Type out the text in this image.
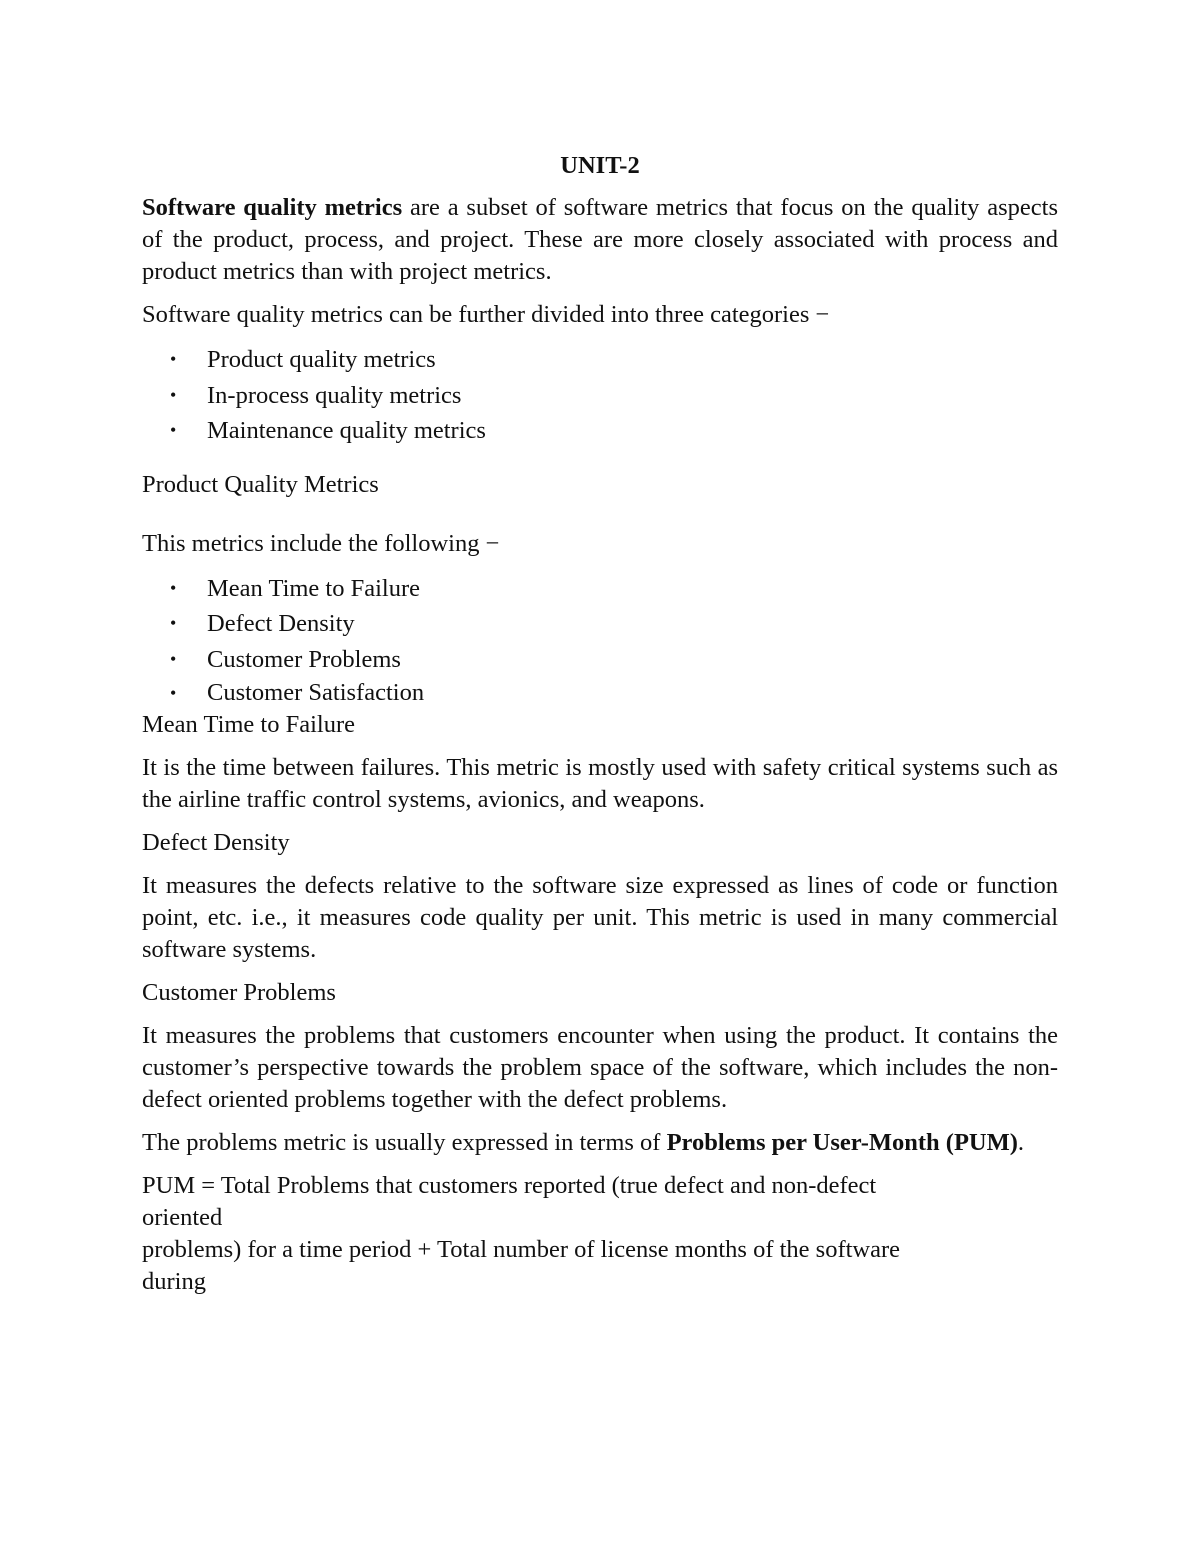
UNIT-2

Software quality metrics are a subset of software metrics that focus on the quality aspects of the product, process, and project. These are more closely associated with process and product metrics than with project metrics.

Software quality metrics can be further divided into three categories −

• Product quality metrics
• In-process quality metrics
• Maintenance quality metrics

Product Quality Metrics

This metrics include the following −

• Mean Time to Failure
• Defect Density
• Customer Problems
• Customer Satisfaction

Mean Time to Failure

It is the time between failures. This metric is mostly used with safety critical systems such as the airline traffic control systems, avionics, and weapons.

Defect Density

It measures the defects relative to the software size expressed as lines of code or function point, etc. i.e., it measures code quality per unit. This metric is used in many commercial software systems.

Customer Problems

It measures the problems that customers encounter when using the product. It contains the customer’s perspective towards the problem space of the software, which includes the non-defect oriented problems together with the defect problems.

The problems metric is usually expressed in terms of Problems per User-Month (PUM).

PUM = Total Problems that customers reported (true defect and non-defect

oriented

problems) for a time period + Total number of license months of the software

during
